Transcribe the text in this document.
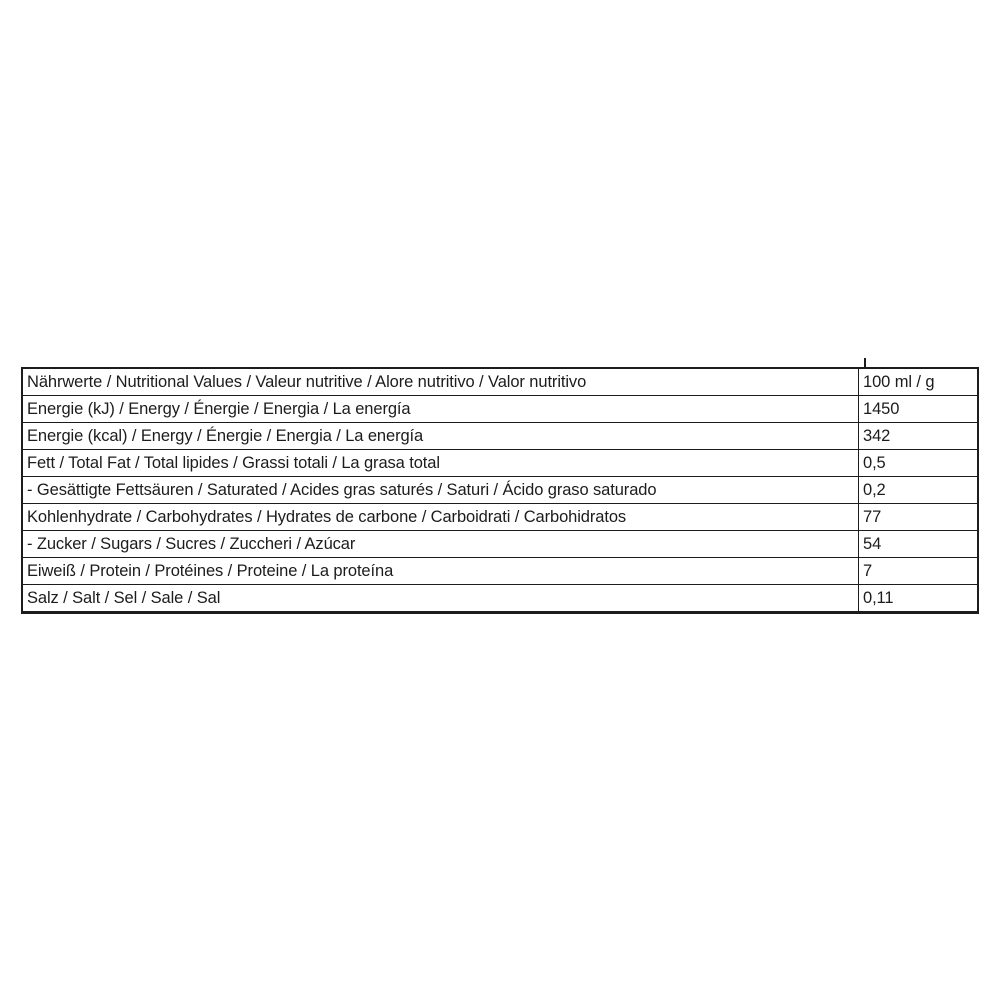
Nährwerte / Nutritional Values / Valeur nutritive / Alore nutritivo / Valor nutritivo	100 ml / g
Energie (kJ) / Energy / Énergie / Energia / La energía	1450
Energie (kcal) / Energy / Énergie / Energia / La energía	342
Fett / Total Fat / Total lipides / Grassi totali / La grasa total	0,5
- Gesättigte Fettsäuren / Saturated / Acides gras saturés / Saturi / Ácido graso saturado	0,2
Kohlenhydrate / Carbohydrates / Hydrates de carbone / Carboidrati / Carbohidratos	77
- Zucker / Sugars / Sucres / Zuccheri / Azúcar	54
Eiweiß / Protein / Protéines / Proteine / La proteína	7
Salz / Salt / Sel / Sale / Sal	0,11
